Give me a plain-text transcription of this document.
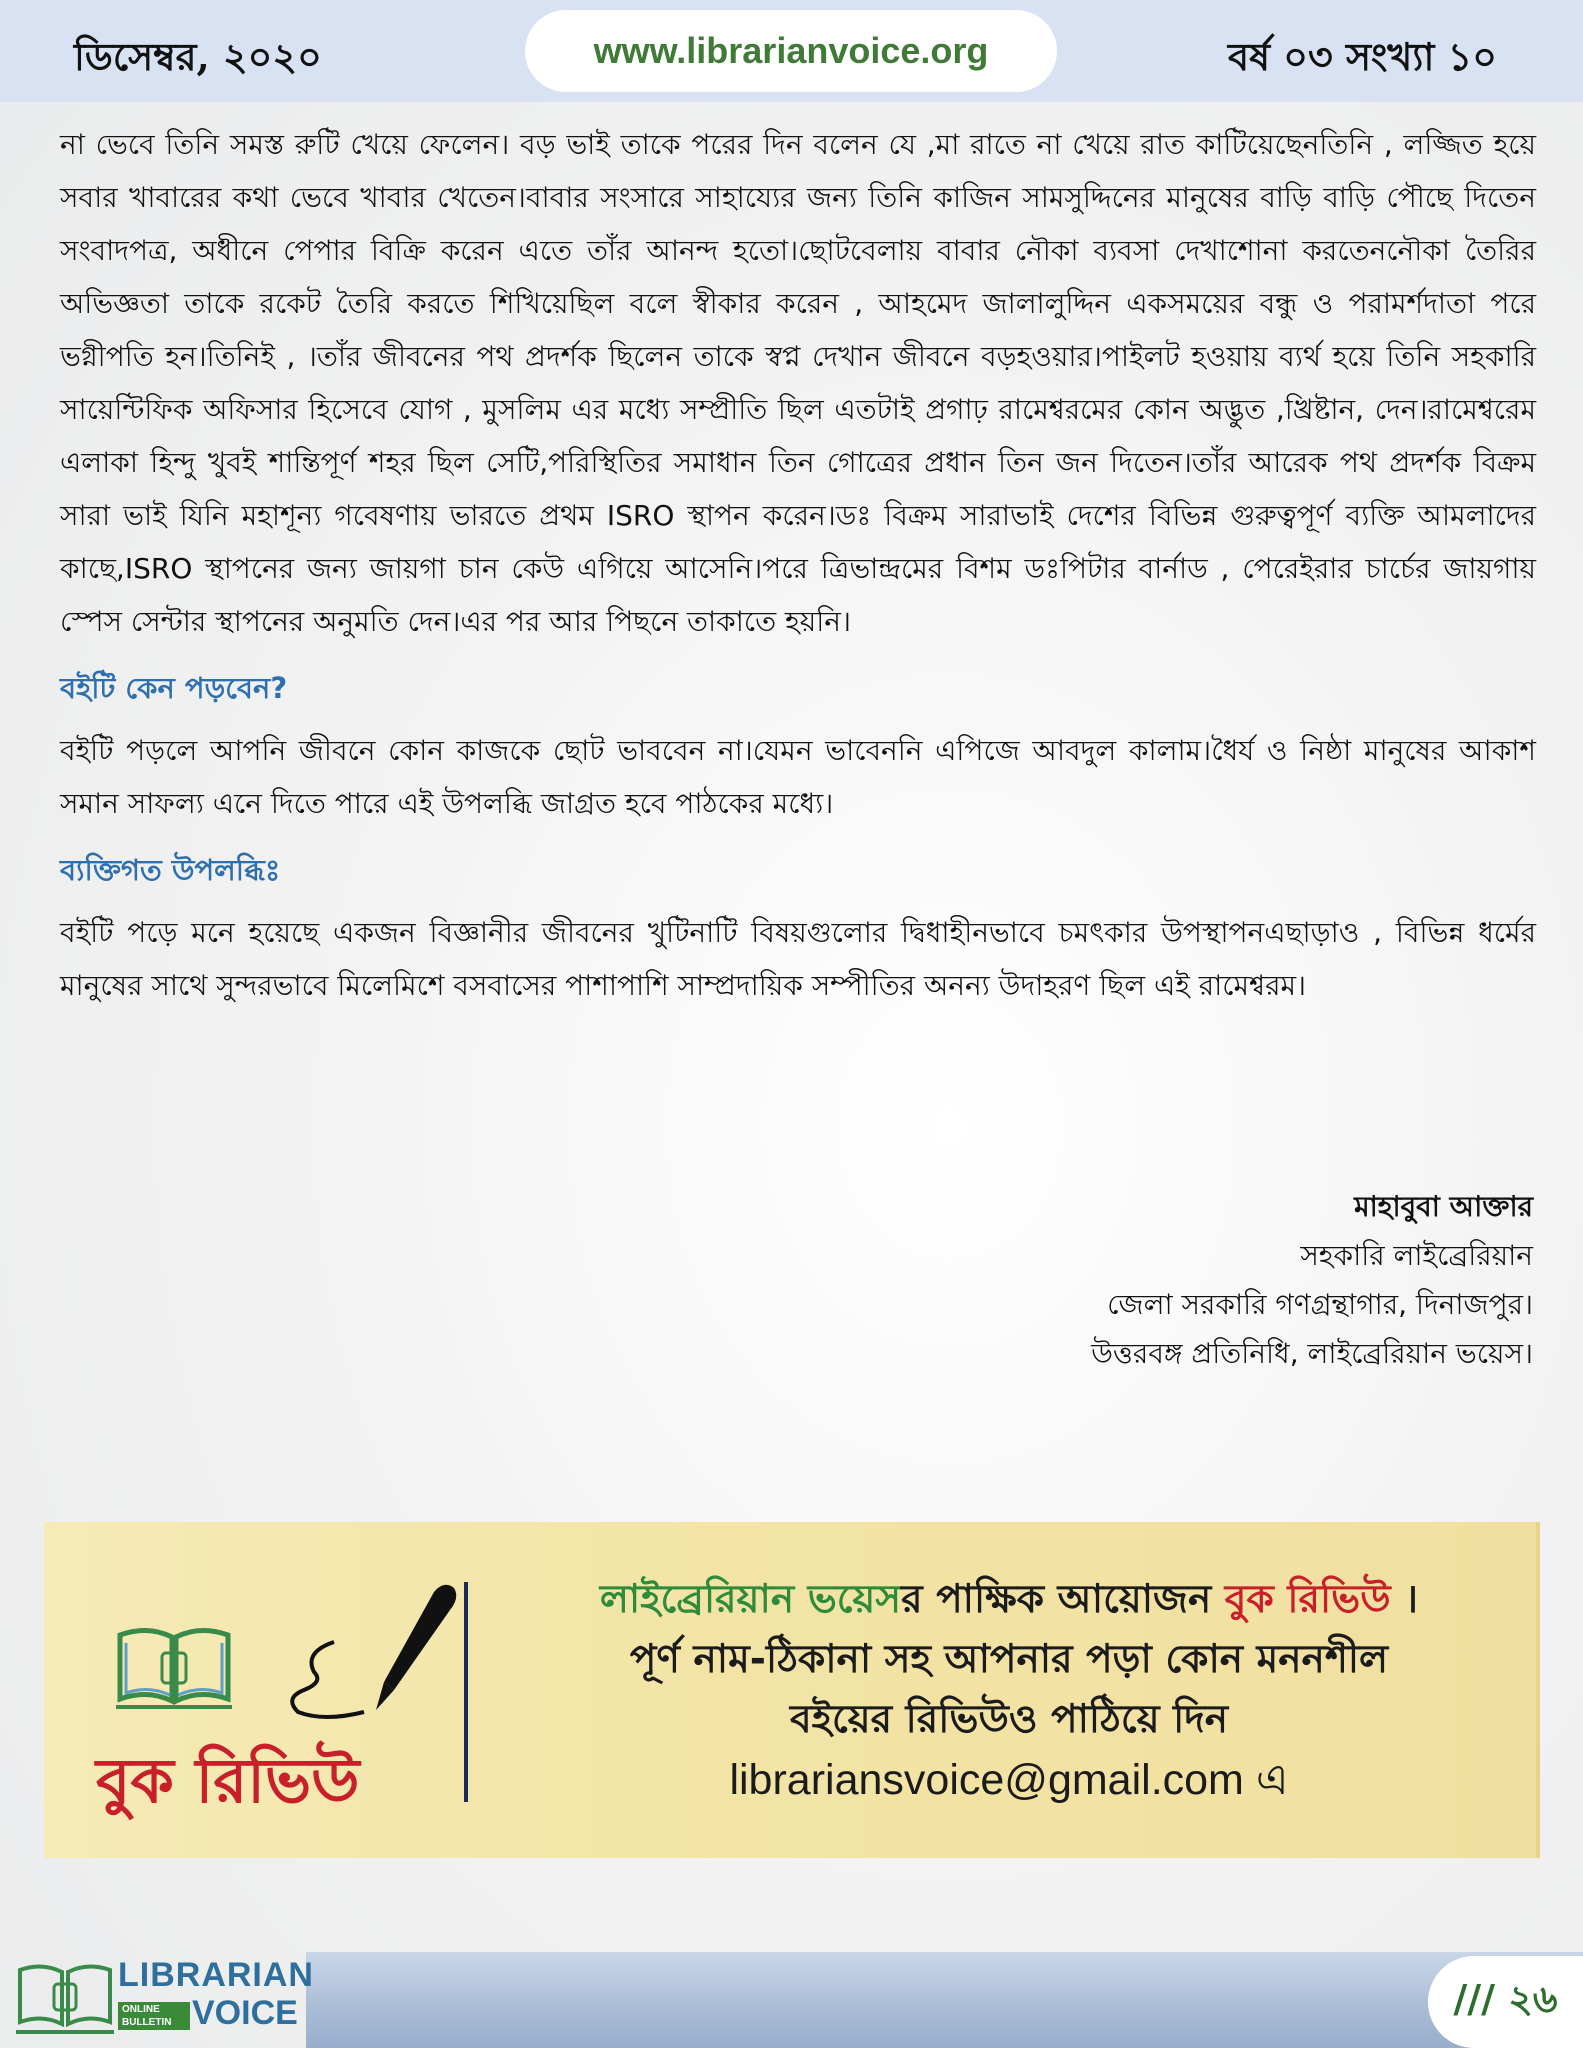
ডিসেম্বর, ২০২০	www.librarianvoice.org	বর্ষ ০৩ সংখ্যা ১০

না ভেবে তিনি সমস্ত রুটি খেয়ে ফেলেন। বড় ভাই তাকে পরের দিন বলেন যে ,মা রাতে না খেয়ে রাত কাটিয়েছেনতিনি , লজ্জিত হয়ে সবার খাবারের কথা ভেবে খাবার খেতেন।বাবার সংসারে সাহায্যের জন্য তিনি কাজিন সামসুদ্দিনের মানুষের বাড়ি বাড়ি পৌছে দিতেন সংবাদপত্র, অধীনে পেপার বিক্রি করেন এতে তাঁর আনন্দ হতো।ছোটবেলায় বাবার নৌকা ব্যবসা দেখাশোনা করতেননৌকা তৈরির অভিজ্ঞতা তাকে রকেট তৈরি করতে শিখিয়েছিল বলে স্বীকার করেন , আহমেদ জালালুদ্দিন একসময়ের বন্ধু ও পরামর্শদাতা পরে ভগ্নীপতি হন।তিনিই , ।তাঁর জীবনের পথ প্রদর্শক ছিলেন তাকে স্বপ্ন দেখান জীবনে বড়হওয়ার।পাইলট হওয়ায় ব্যর্থ হয়ে তিনি সহকারি সায়েন্টিফিক অফিসার হিসেবে যোগ , মুসলিম এর মধ্যে সম্প্রীতি ছিল এতটাই প্রগাঢ় রামেশ্বরমের কোন অদ্ভুত ,খ্রিষ্টান, দেন।রামেশ্বরেম এলাকা হিন্দু খুবই শান্তিপূর্ণ শহর ছিল সেটি,পরিস্থিতির সমাধান তিন গোত্রের প্রধান তিন জন দিতেন।তাঁর আরেক পথ প্রদর্শক বিক্রম সারা ভাই যিনি মহাশূন্য গবেষণায় ভারতে প্রথম ISRO স্থাপন করেন।ডঃ বিক্রম সারাভাই দেশের বিভিন্ন গুরুত্বপূর্ণ ব্যক্তি আমলাদের কাছে,ISRO স্থাপনের জন্য জায়গা চান কেউ এগিয়ে আসেনি।পরে ত্রিভান্দ্রমের বিশম ডঃপিটার বার্নাড , পেরেইরার চার্চের জায়গায় স্পেস সেন্টার স্থাপনের অনুমতি দেন।এর পর আর পিছনে তাকাতে হয়নি।

বইটি কেন পড়বেন?

বইটি পড়লে আপনি জীবনে কোন কাজকে ছোট ভাববেন না।যেমন ভাবেননি এপিজে আবদুল কালাম।ধৈর্য ও নিষ্ঠা মানুষের আকাশ সমান সাফল্য এনে দিতে পারে এই উপলব্ধি জাগ্রত হবে পাঠকের মধ্যে।

ব্যক্তিগত উপলব্ধিঃ

বইটি পড়ে মনে হয়েছে একজন বিজ্ঞানীর জীবনের খুটিনাটি বিষয়গুলোর দ্বিধাহীনভাবে চমৎকার উপস্থাপনএছাড়াও , বিভিন্ন ধর্মের মানুষের সাথে সুন্দরভাবে মিলেমিশে বসবাসের পাশাপাশি সাম্প্রদায়িক সম্পীতির অনন্য উদাহরণ ছিল এই রামেশ্বরম।

মাহাবুবা আক্তার
সহকারি লাইব্রেরিয়ান
জেলা সরকারি গণগ্রন্থাগার, দিনাজপুর।
উত্তরবঙ্গ প্রতিনিধি, লাইব্রেরিয়ান ভয়েস।
বুক রিভিউ
লাইব্রেরিয়ান ভয়েসর পাক্ষিক আয়োজন বুক রিভিউ ।
পূর্ণ নাম-ঠিকানা সহ আপনার পড়া কোন মননশীল
বইয়ের রিভিউও পাঠিয়ে দিন
librariansvoice@gmail.com এ
LIBRARIAN
ONLINE BULLETIN VOICE	/// ২৬
